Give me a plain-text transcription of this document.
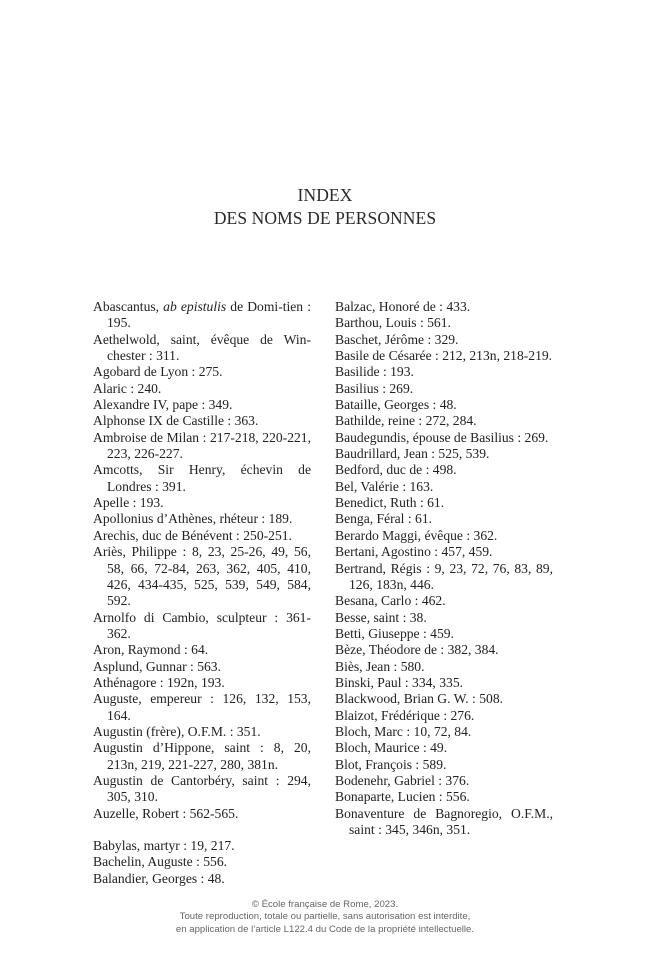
INDEX
DES NOMS DE PERSONNES
Abascantus, ab epistulis de Domi-tien : 195.
Aethelwold, saint, évêque de Win-chester : 311.
Agobard de Lyon : 275.
Alaric : 240.
Alexandre IV, pape : 349.
Alphonse IX de Castille : 363.
Ambroise de Milan : 217-218, 220-221, 223, 226-227.
Amcotts, Sir Henry, échevin de Londres : 391.
Apelle : 193.
Apollonius d’Athènes, rhéteur : 189.
Arechis, duc de Bénévent : 250-251.
Ariès, Philippe : 8, 23, 25-26, 49, 56, 58, 66, 72-84, 263, 362, 405, 410, 426, 434-435, 525, 539, 549, 584, 592.
Arnolfo di Cambio, sculpteur : 361-362.
Aron, Raymond : 64.
Asplund, Gunnar : 563.
Athénagore : 192n, 193.
Auguste, empereur : 126, 132, 153, 164.
Augustin (frère), O.F.M. : 351.
Augustin d’Hippone, saint : 8, 20, 213n, 219, 221-227, 280, 381n.
Augustin de Cantorbéry, saint : 294, 305, 310.
Auzelle, Robert : 562-565.
Babylas, martyr : 19, 217.
Bachelin, Auguste : 556.
Balandier, Georges : 48.
Balzac, Honoré de : 433.
Barthou, Louis : 561.
Baschet, Jérôme : 329.
Basile de Césarée : 212, 213n, 218-219.
Basilide : 193.
Basilius : 269.
Bataille, Georges : 48.
Bathilde, reine : 272, 284.
Baudegundis, épouse de Basilius : 269.
Baudrillard, Jean : 525, 539.
Bedford, duc de : 498.
Bel, Valérie : 163.
Benedict, Ruth : 61.
Benga, Féral : 61.
Berardo Maggi, évêque : 362.
Bertani, Agostino : 457, 459.
Bertrand, Régis : 9, 23, 72, 76, 83, 89, 126, 183n, 446.
Besana, Carlo : 462.
Besse, saint : 38.
Betti, Giuseppe : 459.
Bèze, Théodore de : 382, 384.
Biès, Jean : 580.
Binski, Paul : 334, 335.
Blackwood, Brian G. W. : 508.
Blaizot, Frédérique : 276.
Bloch, Marc : 10, 72, 84.
Bloch, Maurice : 49.
Blot, François : 589.
Bodenehr, Gabriel : 376.
Bonaparte, Lucien : 556.
Bonaventure de Bagnoregio, O.F.M., saint : 345, 346n, 351.
© École française de Rome, 2023.
Toute reproduction, totale ou partielle, sans autorisation est interdite,
en application de l’article L122.4 du Code de la propriété intellectuelle.
